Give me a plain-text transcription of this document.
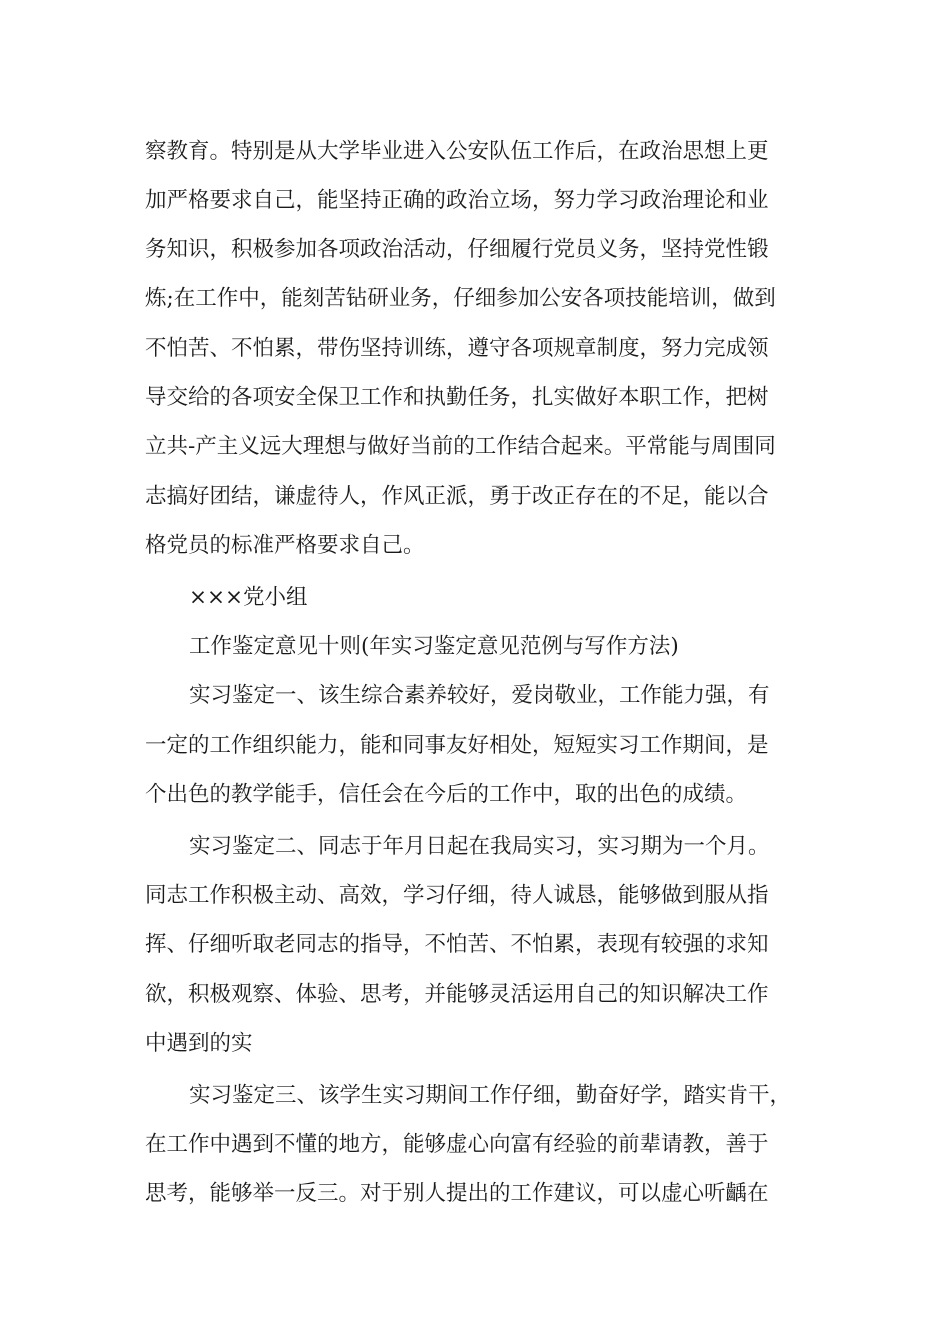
察教育。特别是从大学毕业进入公安队伍工作后，在政治思想上更
加严格要求自己，能坚持正确的政治立场，努力学习政治理论和业
务知识，积极参加各项政治活动，仔细履行党员义务，坚持党性锻
炼;在工作中，能刻苦钻研业务，仔细参加公安各项技能培训，做到
不怕苦、不怕累，带伤坚持训练，遵守各项规章制度，努力完成领
导交给的各项安全保卫工作和执勤任务，扎实做好本职工作，把树
立共-产主义远大理想与做好当前的工作结合起来。平常能与周围同
志搞好团结，谦虚待人，作风正派，勇于改正存在的不足，能以合
格党员的标准严格要求自己。
×××党小组
工作鉴定意见十则(年实习鉴定意见范例与写作方法)
实习鉴定一、该生综合素养较好，爱岗敬业，工作能力强，有
一定的工作组织能力，能和同事友好相处，短短实习工作期间，是
个出色的教学能手，信任会在今后的工作中，取的出色的成绩。
实习鉴定二、同志于年月日起在我局实习，实习期为一个月。
同志工作积极主动、高效，学习仔细，待人诚恳，能够做到服从指
挥、仔细听取老同志的指导，不怕苦、不怕累，表现有较强的求知
欲，积极观察、体验、思考，并能够灵活运用自己的知识解决工作
中遇到的实
实习鉴定三、该学生实习期间工作仔细，勤奋好学，踏实肯干，
在工作中遇到不懂的地方，能够虚心向富有经验的前辈请教，善于
思考，能够举一反三。对于别人提出的工作建议，可以虚心听齲在
